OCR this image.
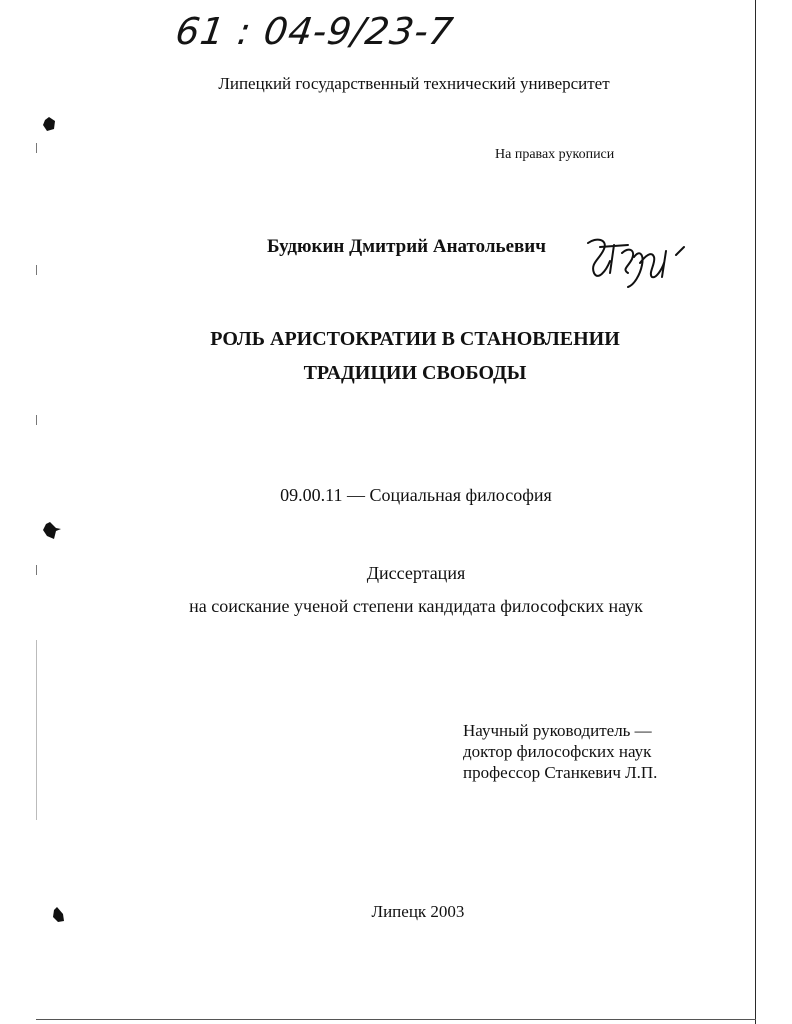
61 : 04-9/23-7
Липецкий государственный технический университет
На правах рукописи
Будюкин Дмитрий Анатольевич
РОЛЬ АРИСТОКРАТИИ В СТАНОВЛЕНИИ
ТРАДИЦИИ СВОБОДЫ
09.00.11 — Социальная философия
Диссертация
на соискание ученой степени кандидата философских наук
Научный руководитель —
доктор философских наук
профессор Станкевич Л.П.
Липецк 2003
